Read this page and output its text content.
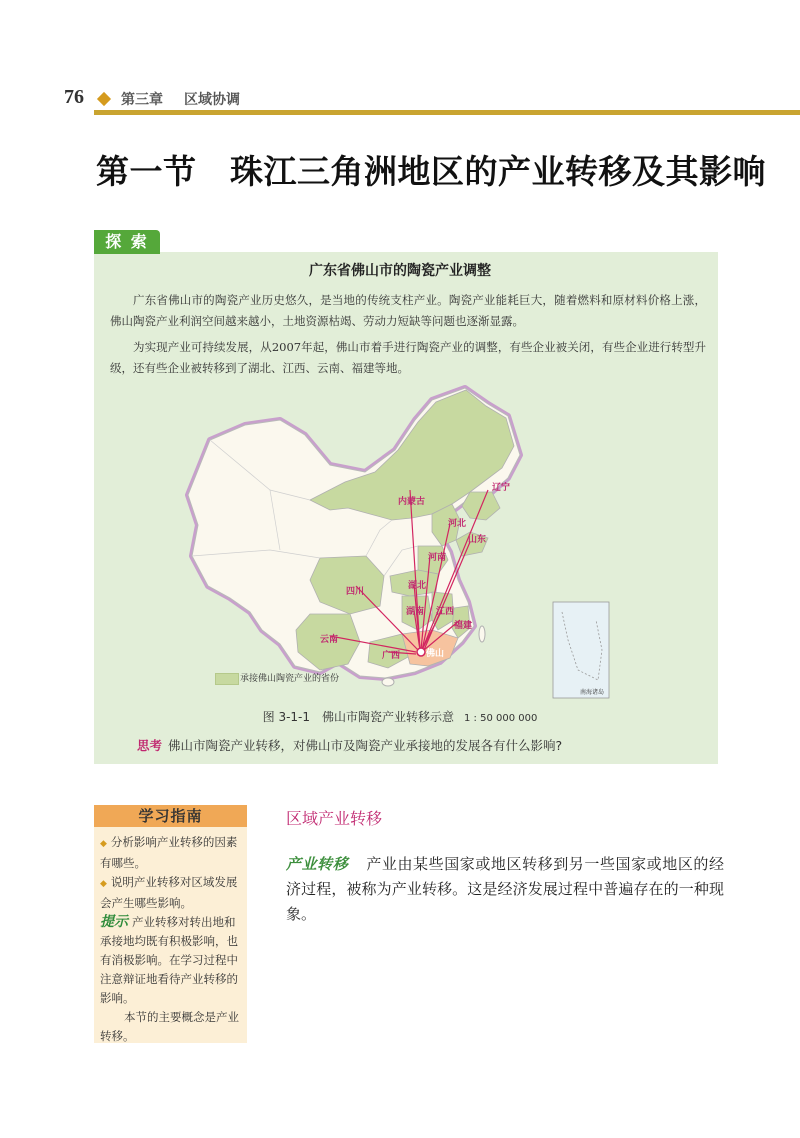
76	第三章 区域协调
第一节　珠江三角洲地区的产业转移及其影响
探 索
广东省佛山市的陶瓷产业调整
广东省佛山市的陶瓷产业历史悠久，是当地的传统支柱产业。陶瓷产业能耗巨大，随着燃料和原材料价格上涨，佛山陶瓷产业利润空间越来越小，土地资源枯竭、劳动力短缺等问题也逐渐显露。
为实现产业可持续发展，从2007年起，佛山市着手进行陶瓷产业的调整，有些企业被关闭，有些企业进行转型升级，还有些企业被转移到了湖北、江西、云南、福建等地。
内蒙古
辽宁
河北
山东
河南
湖北
四川
湖南 江西
福建
云南
广西	佛山
南海诸岛
承接佛山陶瓷产业的省份
图 3-1-1　佛山市陶瓷产业转移示意 1 : 50 000 000
思考 佛山市陶瓷产业转移，对佛山市及陶瓷产业承接地的发展各有什么影响?
学习指南
◆ 分析影响产业转移的因素有哪些。
◆ 说明产业转移对区域发展会产生哪些影响。
提示 产业转移对转出地和承接地均既有积极影响，也有消极影响。在学习过程中注意辩证地看待产业转移的影响。
本节的主要概念是产业转移。
区域产业转移
产业转移 产业由某些国家或地区转移到另一些国家或地区的经济过程，被称为产业转移。这是经济发展过程中普遍存在的一种现象。
